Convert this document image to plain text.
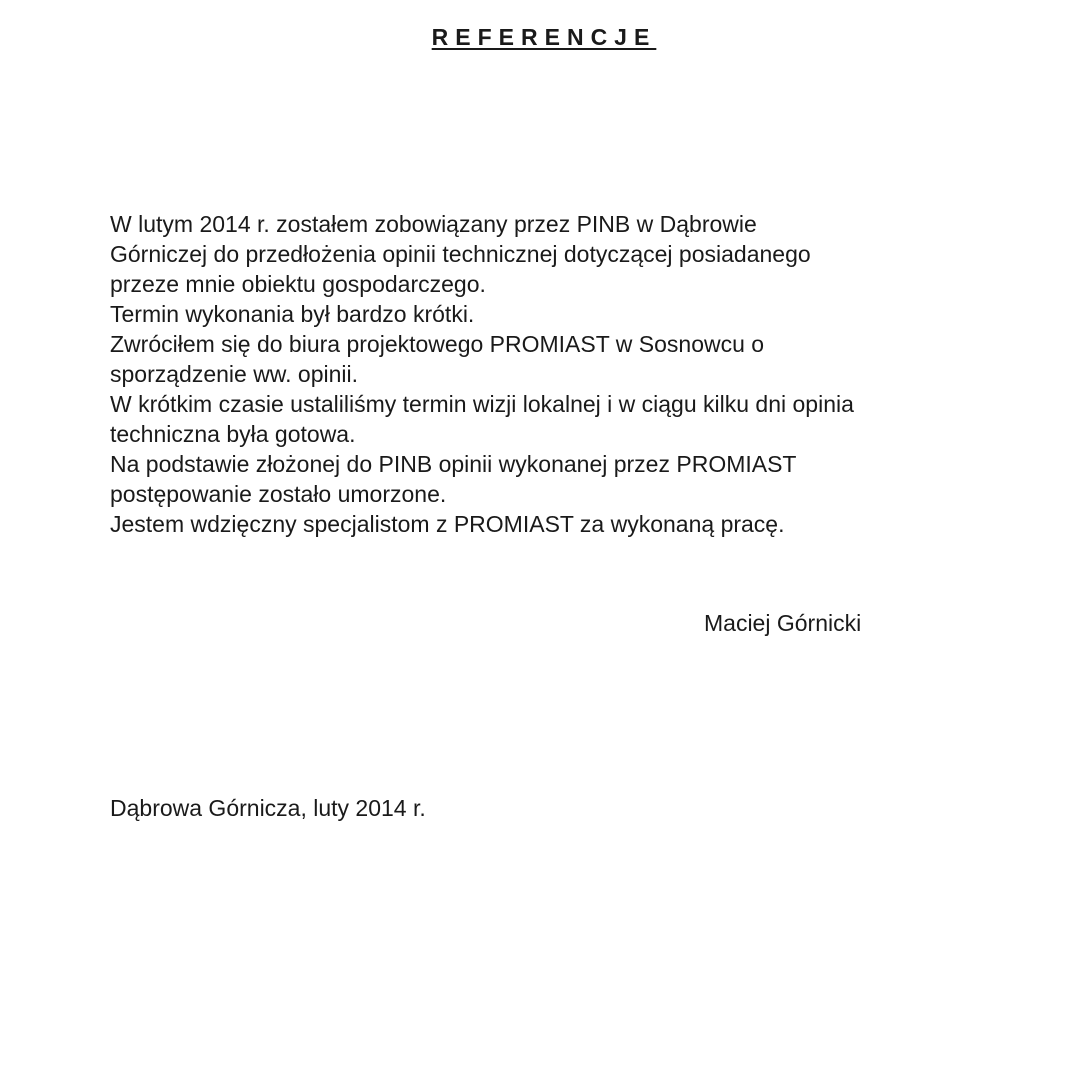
REFERENCJE
W lutym 2014 r. zostałem zobowiązany przez PINB w Dąbrowie
Górniczej do przedłożenia opinii technicznej dotyczącej posiadanego
przeze mnie obiektu gospodarczego.
Termin wykonania był bardzo krótki.
Zwróciłem się do biura projektowego PROMIAST w Sosnowcu o
sporządzenie ww. opinii.
W krótkim czasie ustaliliśmy termin wizji lokalnej i w ciągu kilku dni opinia
techniczna była gotowa.
Na podstawie złożonej do PINB opinii wykonanej przez PROMIAST
postępowanie zostało umorzone.
Jestem wdzięczny specjalistom z PROMIAST za wykonaną pracę.
Maciej Górnicki
Dąbrowa Górnicza, luty 2014 r.
